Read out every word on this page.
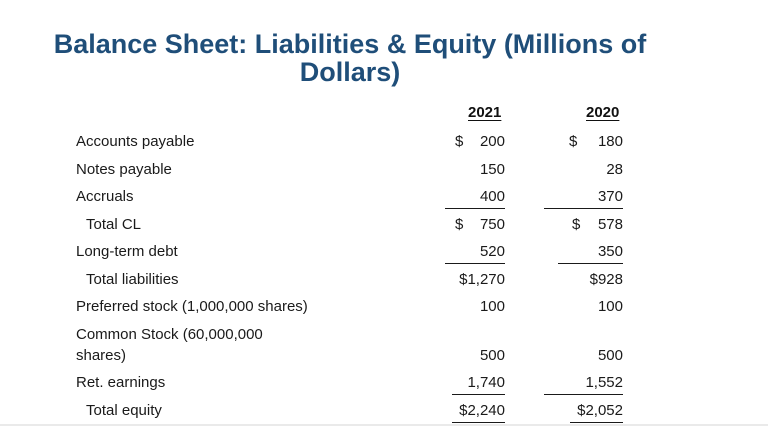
Balance Sheet: Liabilities & Equity (Millions of Dollars)
2021	2020
Accounts payable	$ 200	$ 180
Notes payable	150	28
Accruals	400	370
Total CL	$ 750	$ 578
Long-term debt	520	350
Total liabilities	$1,270	$928
Preferred stock (1,000,000 shares)	100	100
Common Stock (60,000,000
shares)	500	500
Ret. earnings	1,740	1,552
Total equity	$2,240	$2,052
